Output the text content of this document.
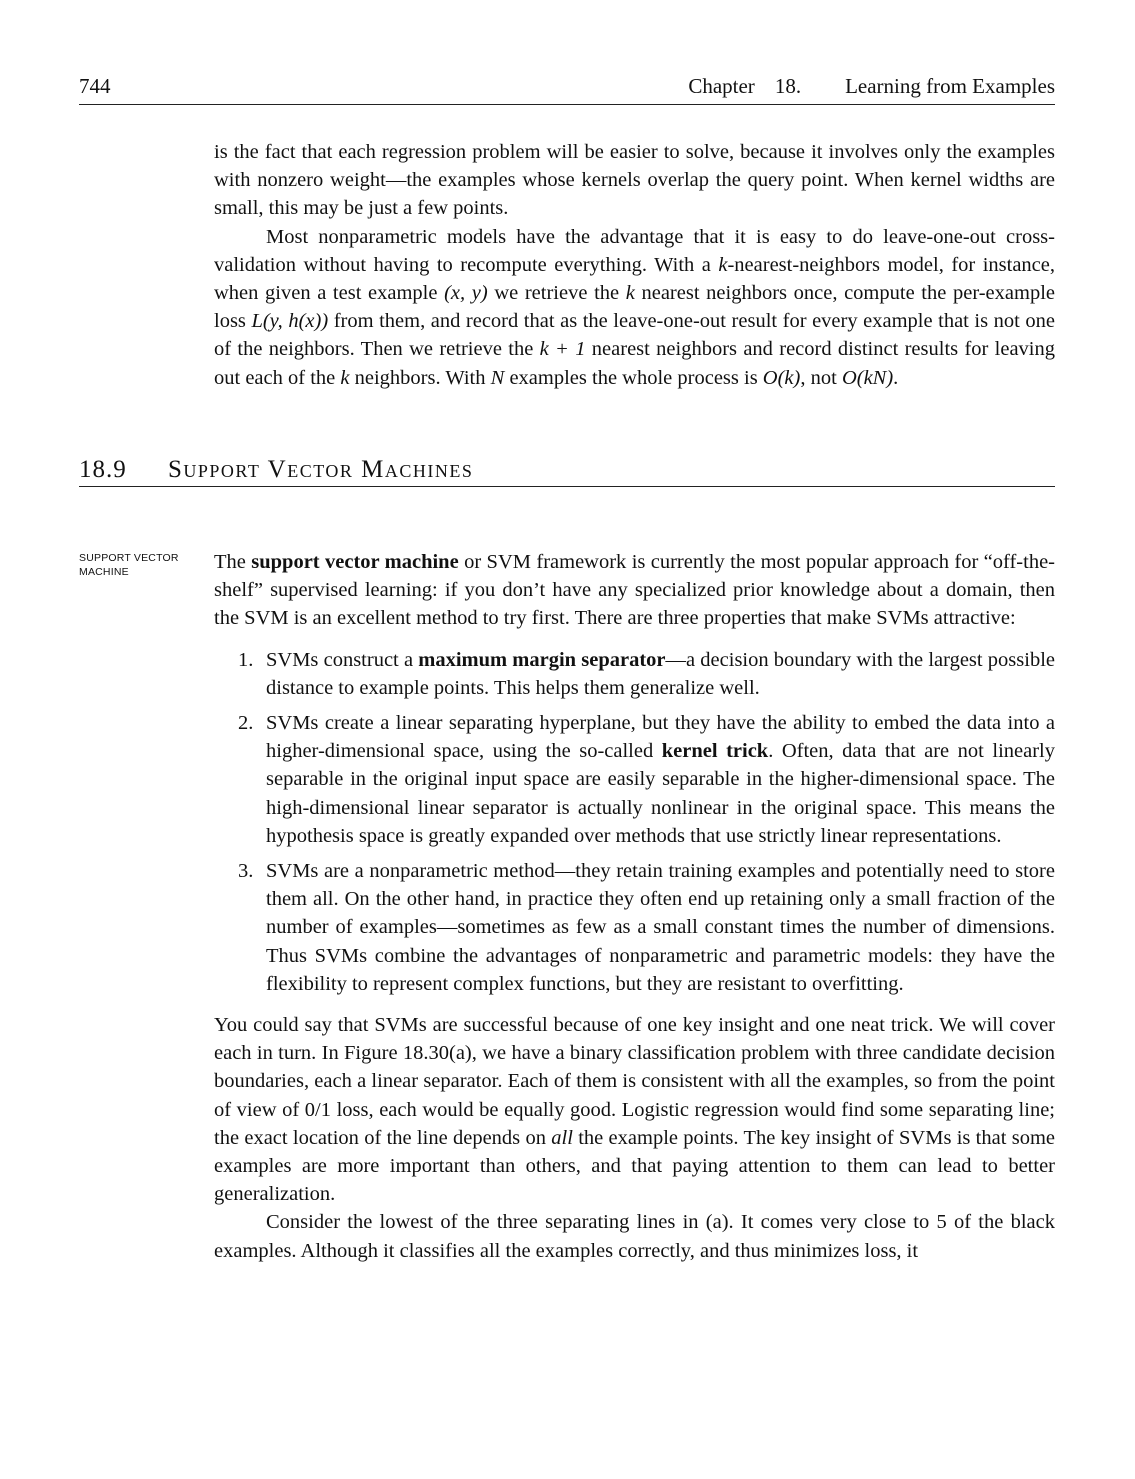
744	Chapter 18. Learning from Examples

is the fact that each regression problem will be easier to solve, because it involves only the examples with nonzero weight—the examples whose kernels overlap the query point. When kernel widths are small, this may be just a few points.

Most nonparametric models have the advantage that it is easy to do leave-one-out cross-validation without having to recompute everything. With a k-nearest-neighbors model, for instance, when given a test example (x, y) we retrieve the k nearest neighbors once, compute the per-example loss L(y, h(x)) from them, and record that as the leave-one-out result for every example that is not one of the neighbors. Then we retrieve the k + 1 nearest neighbors and record distinct results for leaving out each of the k neighbors. With N examples the whole process is O(k), not O(kN).

18.9 Support Vector Machines
SUPPORT VECTOR
MACHINE	The support vector machine or SVM framework is currently the most popular approach for “off-the-shelf” supervised learning: if you don’t have any specialized prior knowledge about a domain, then the SVM is an excellent method to try first. There are three properties that make SVMs attractive:

1. SVMs construct a maximum margin separator—a decision boundary with the largest possible distance to example points. This helps them generalize well.
2. SVMs create a linear separating hyperplane, but they have the ability to embed the data into a higher-dimensional space, using the so-called kernel trick. Often, data that are not linearly separable in the original input space are easily separable in the higher-dimensional space. The high-dimensional linear separator is actually nonlinear in the original space. This means the hypothesis space is greatly expanded over methods that use strictly linear representations.
3. SVMs are a nonparametric method—they retain training examples and potentially need to store them all. On the other hand, in practice they often end up retaining only a small fraction of the number of examples—sometimes as few as a small constant times the number of dimensions. Thus SVMs combine the advantages of nonparametric and parametric models: they have the flexibility to represent complex functions, but they are resistant to overfitting.

You could say that SVMs are successful because of one key insight and one neat trick. We will cover each in turn. In Figure 18.30(a), we have a binary classification problem with three candidate decision boundaries, each a linear separator. Each of them is consistent with all the examples, so from the point of view of 0/1 loss, each would be equally good. Logistic regression would find some separating line; the exact location of the line depends on all the example points. The key insight of SVMs is that some examples are more important than others, and that paying attention to them can lead to better generalization.

Consider the lowest of the three separating lines in (a). It comes very close to 5 of the black examples. Although it classifies all the examples correctly, and thus minimizes loss, it
